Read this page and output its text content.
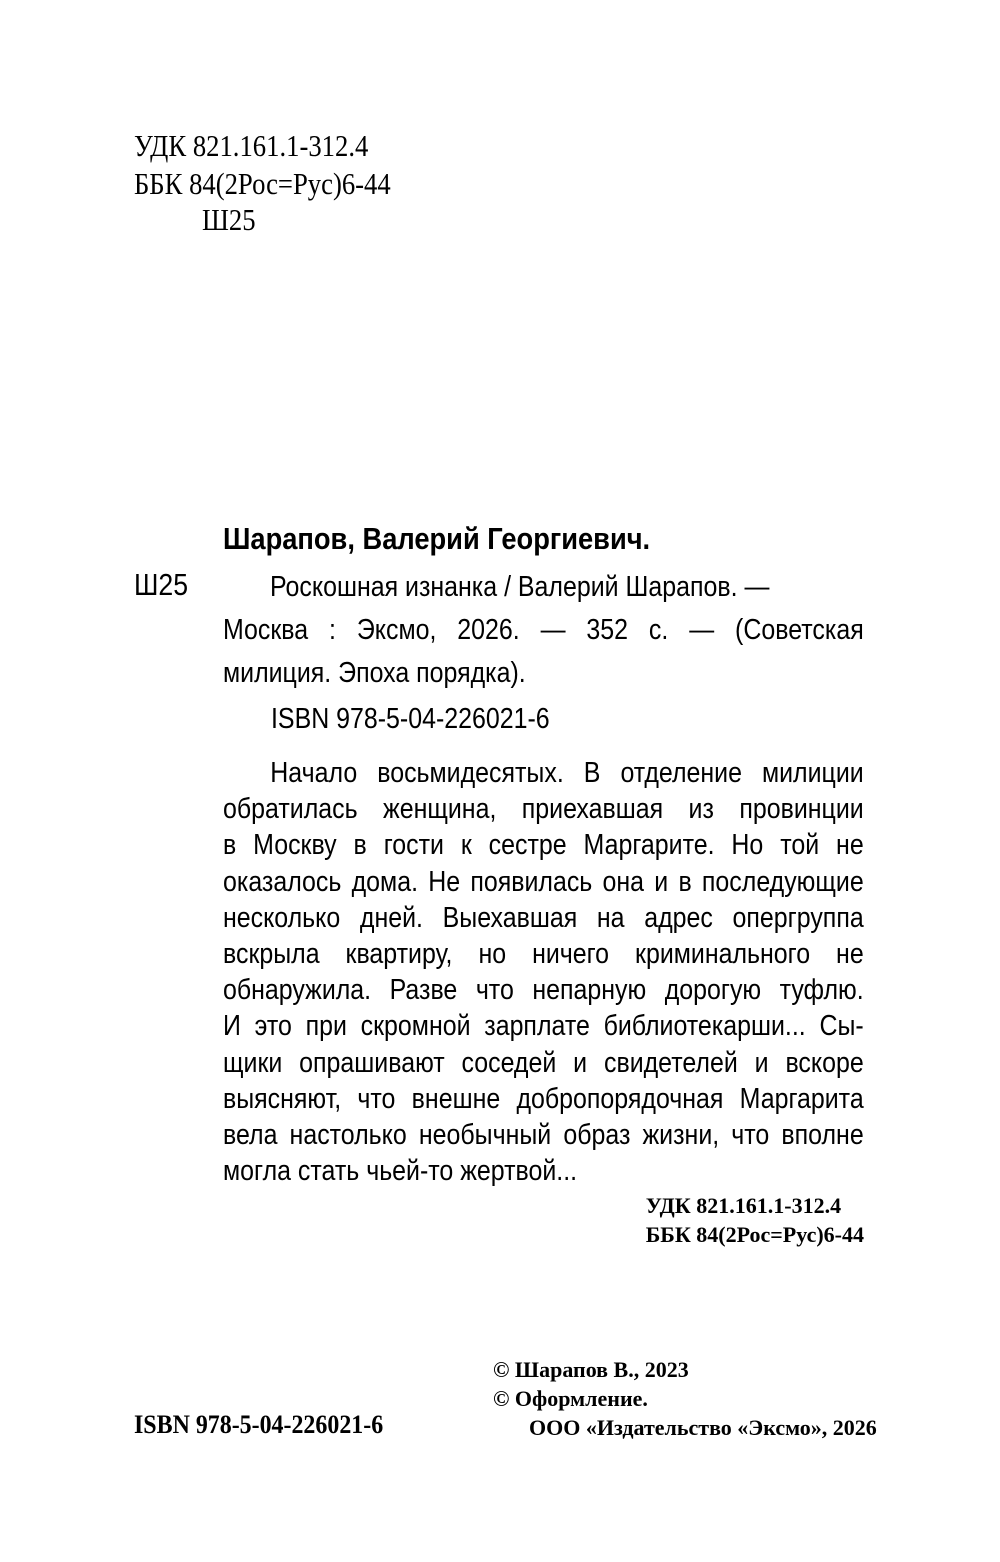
УДК 821.161.1-312.4
ББК 84(2Рос=Рус)6-44
Ш25
Шарапов, Валерий Георгиевич.
Ш25	Роскошная изнанка / Валерий Шарапов. —
Москва : Эксмо, 2026. — 352 с. — (Советская
милиция. Эпоха порядка).
ISBN 978-5-04-226021-6
Начало восьмидесятых. В отделение милиции
обратилась женщина, приехавшая из провинции
в Москву в гости к сестре Маргарите. Но той не
оказалось дома. Не появилась она и в последующие
несколько дней. Выехавшая на адрес опергруппа
вскрыла квартиру, но ничего криминального не
обнаружила. Разве что непарную дорогую туфлю.
И это при скромной зарплате библиотекарши... Сы-
щики опрашивают соседей и свидетелей и вскоре
выясняют, что внешне добропорядочная Маргарита
вела настолько необычный образ жизни, что вполне
могла стать чьей-то жертвой...
УДК 821.161.1-312.4
ББК 84(2Рос=Рус)6-44
ISBN 978-5-04-226021-6
© Шарапов В., 2023
© Оформление.
ООО «Издательство «Эксмо», 2026
